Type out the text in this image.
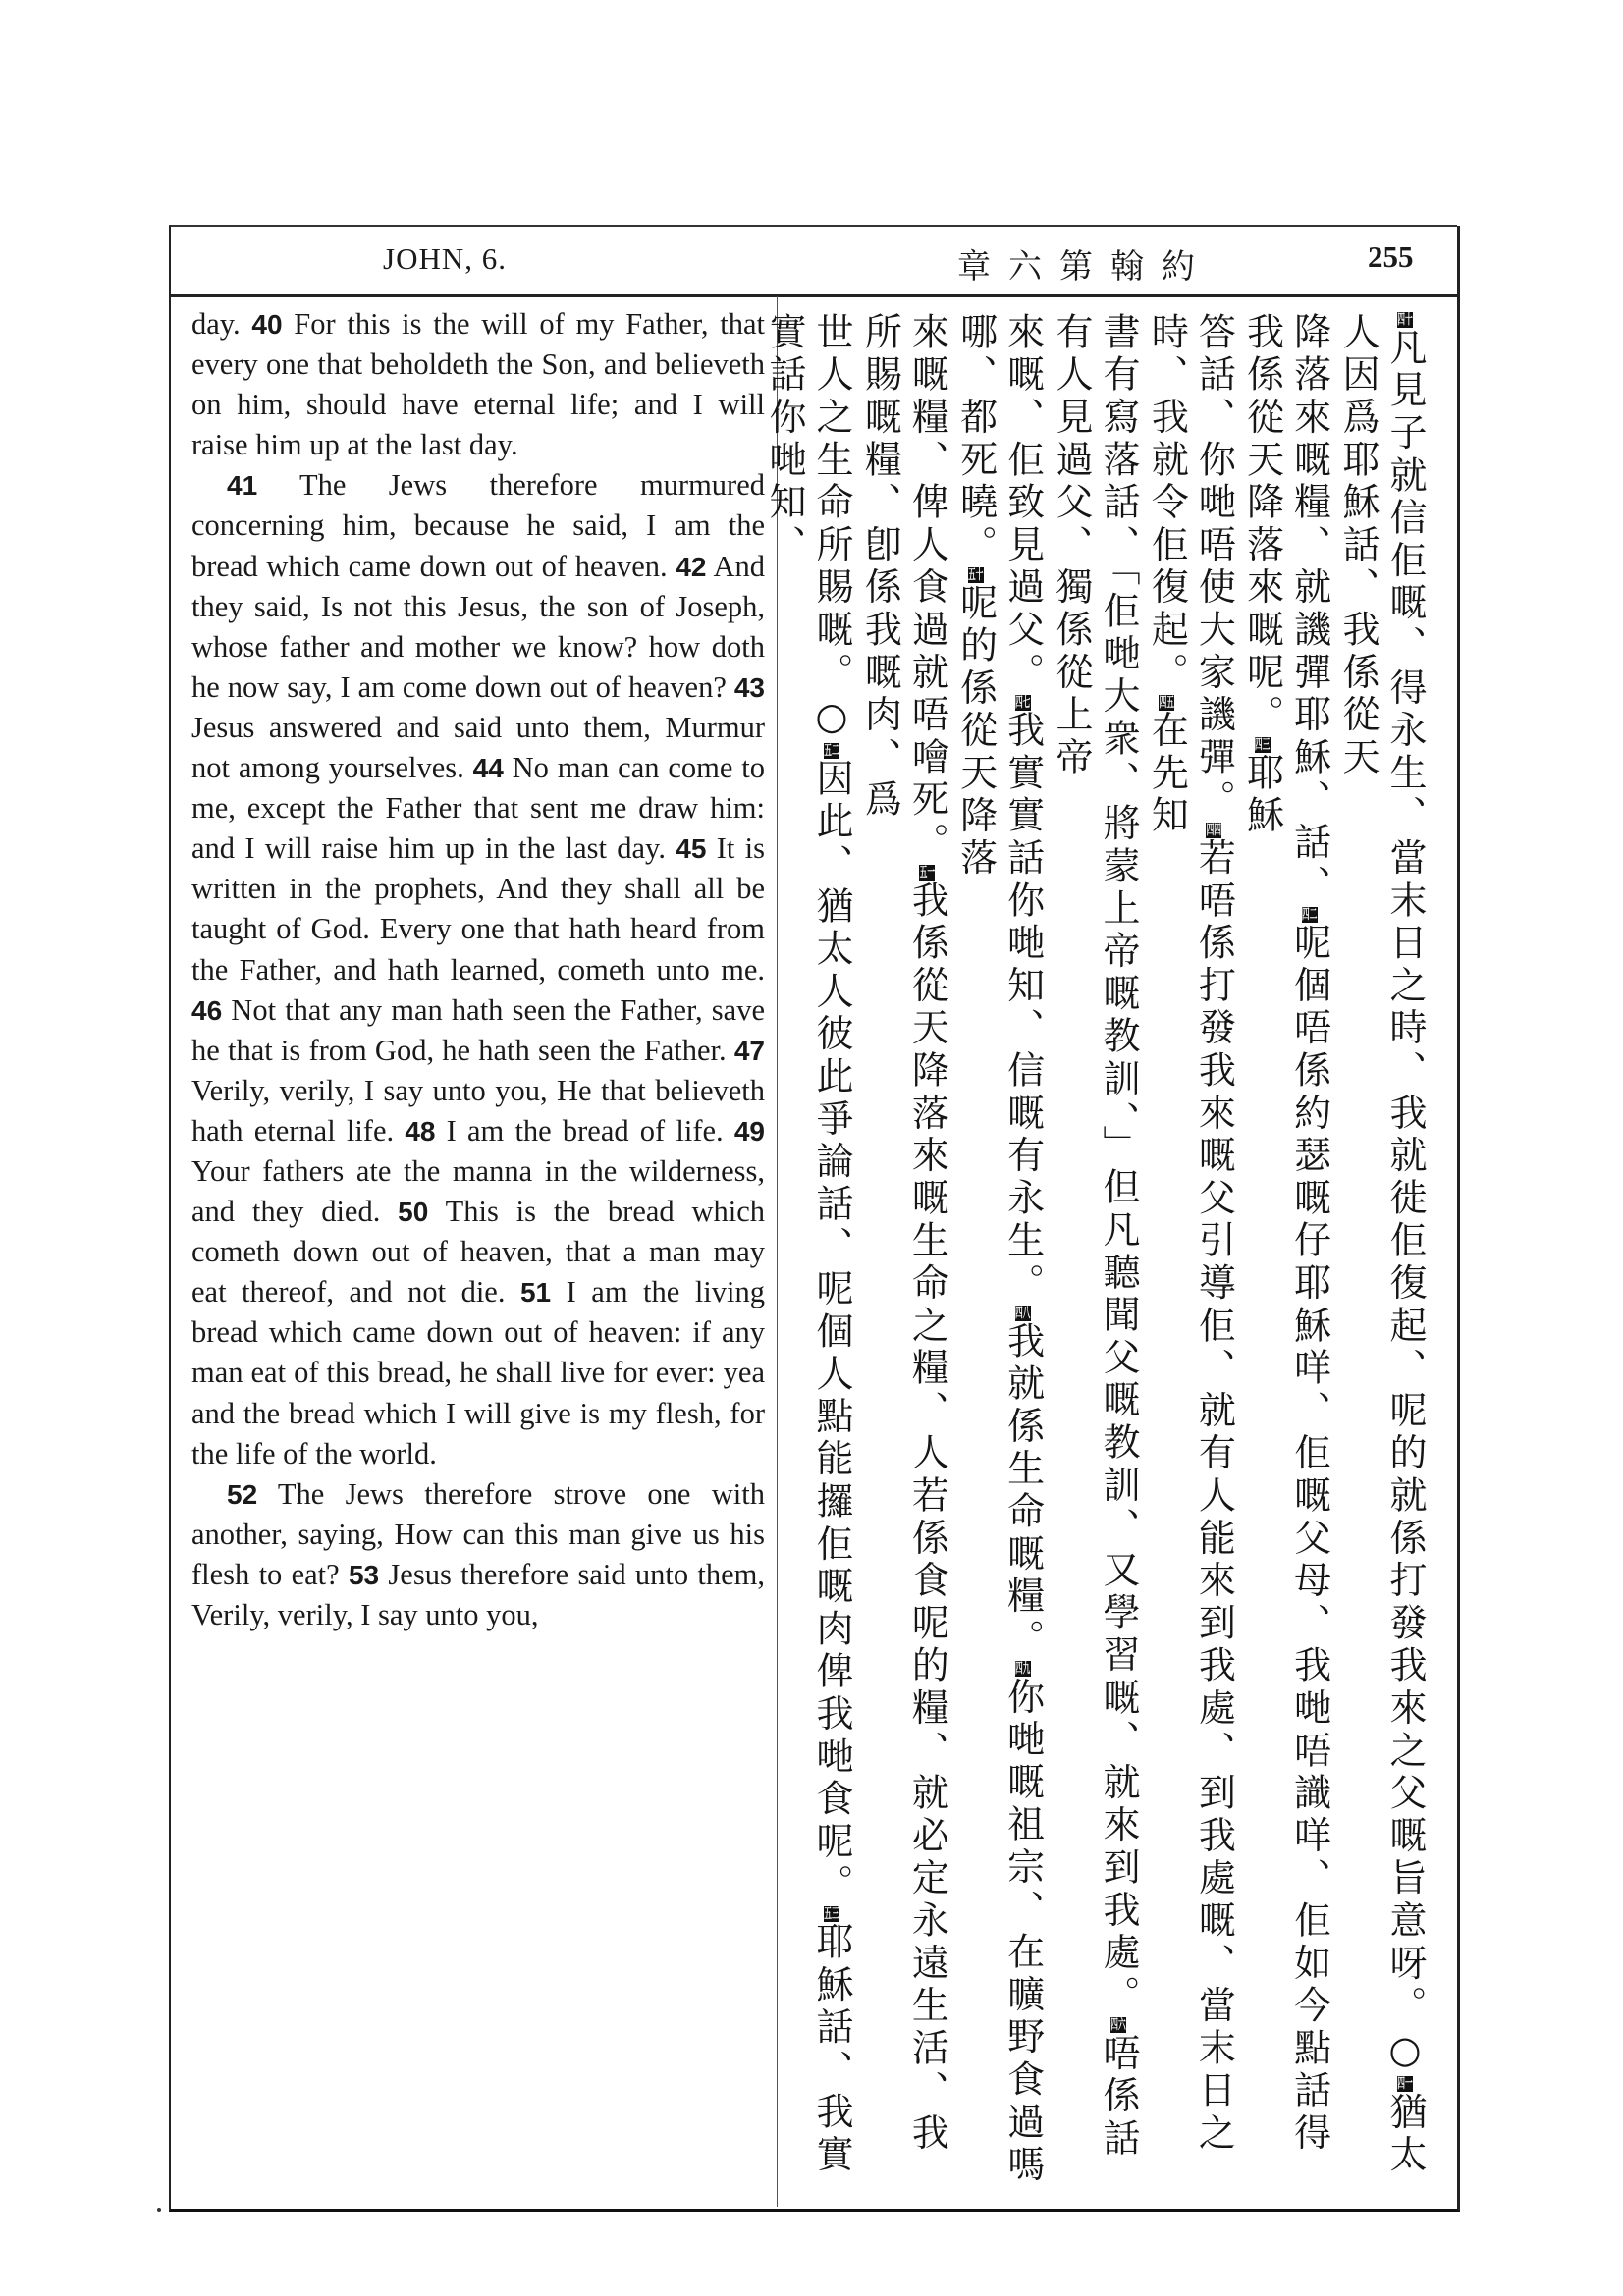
JOHN, 6.	章六第翰約	255

day. 40 For this is the will of my Father, that every one that beholdeth the Son, and believeth on him, should have eternal life; and I will raise him up at the last day.

41 The Jews therefore murmured concerning him, because he said, I am the bread which came down out of heaven. 42 And they said, Is not this Jesus, the son of Joseph, whose father and mother we know? how doth he now say, I am come down out of heaven? 43 Jesus answered and said unto them, Murmur not among yourselves. 44 No man can come to me, except the Father that sent me draw him: and I will raise him up in the last day. 45 It is written in the prophets, And they shall all be taught of God. Every one that hath heard from the Father, and hath learned, cometh unto me. 46 Not that any man hath seen the Father, save he that is from God, he hath seen the Father. 47 Verily, verily, I say unto you, He that believeth hath eternal life. 48 I am the bread of life. 49 Your fathers ate the manna in the wilderness, and they died. 50 This is the bread which cometh down out of heaven, that a man may eat thereof, and not die. 51 I am the living bread which came down out of heaven: if any man eat of this bread, he shall live for ever: yea and the bread which I will give is my flesh, for the life of the world.

52 The Jews therefore strove one with another, saying, How can this man give us his flesh to eat? 53 Jesus therefore said unto them, Verily, verily, I say unto you,

四十凡見子就信佢嘅、得永生、當末日之時、我就徙佢復起、呢的就係打發我來之父嘅旨意呀。○四一猶太人因爲耶穌話、我係從天
降落來嘅糧、就譏彈耶穌、話、四二呢個唔係約瑟嘅仔耶穌咩、佢嘅父母、我哋唔識咩、佢如今點話得我係從天降落來嘅呢。四三耶穌
答話、你哋唔使大家譏彈。四四若唔係打發我來嘅父引導佢、就有人能來到我處、到我處嘅、當末日之時、我就令佢復起。四五在先知
書有寫落話、「佢哋大衆、將蒙上帝嘅教訓、」但凡聽聞父嘅教訓、又學習嘅、就來到我處。四六唔係話有人見過父、獨係從上帝
來嘅、佢致見過父。四七我實實話你哋知、信嘅有永生。四八我就係生命嘅糧。四九你哋嘅祖宗、在曠野食過嗎哪、都死曉。五十呢的係從天降落
來嘅糧、俾人食過就唔噲死。五一我係從天降落來嘅生命之糧、人若係食呢的糧、就必定永遠生活、我所賜嘅糧、卽係我嘅肉、爲
世人之生命所賜嘅。○五二因此、猶太人彼此爭論話、呢個人點能攞佢嘅肉俾我哋食呢。五三耶穌話、我實實話你哋知、
